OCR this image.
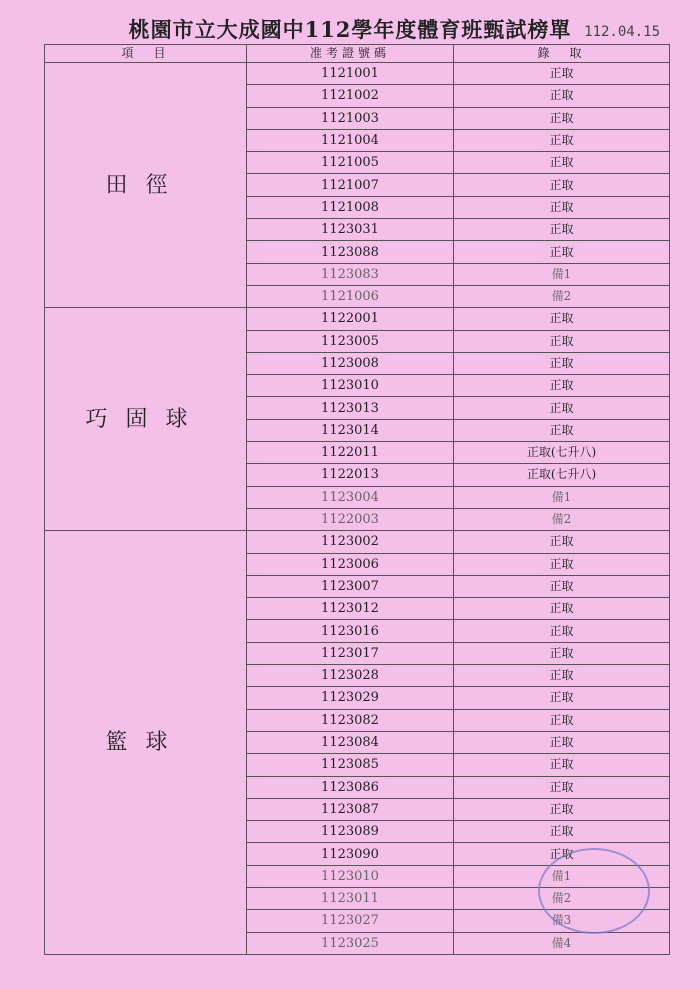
桃園市立大成國中112學年度體育班甄試榜單 112.04.15
項　目	准考證號碼	錄　取
田徑	1121001	正取
	1121002	正取
	1121003	正取
	1121004	正取
	1121005	正取
	1121007	正取
	1121008	正取
	1123031	正取
	1123088	正取
	1123083	備1
	1121006	備2
巧固球	1122001	正取
	1123005	正取
	1123008	正取
	1123010	正取
	1123013	正取
	1123014	正取
	1122011	正取(七升八)
	1122013	正取(七升八)
	1123004	備1
	1122003	備2
籃球	1123002	正取
	1123006	正取
	1123007	正取
	1123012	正取
	1123016	正取
	1123017	正取
	1123028	正取
	1123029	正取
	1123082	正取
	1123084	正取
	1123085	正取
	1123086	正取
	1123087	正取
	1123089	正取
	1123090	正取
	1123010	備1
	1123011	備2
	1123027	備3
	1123025	備4
